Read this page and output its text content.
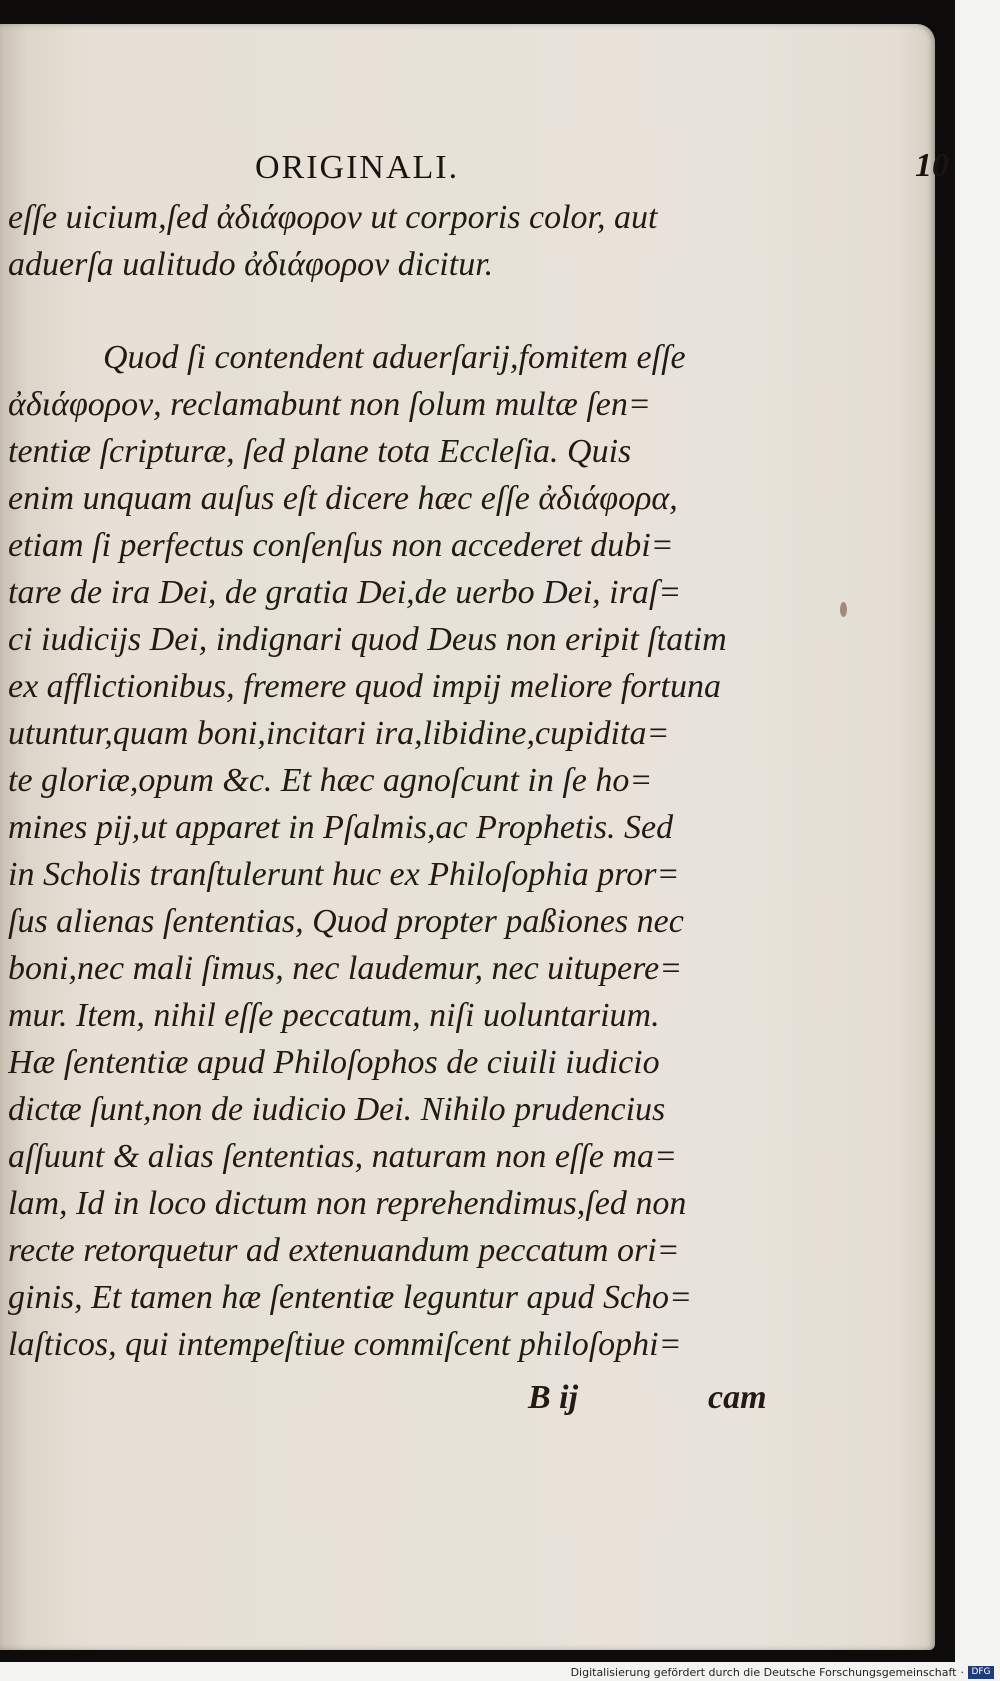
ORIGINALI.	10
eſſe uicium,ſed ἀδιάφορον ut corporis color, aut
aduerſa ualitudo ἀδιάφορον dicitur.
Quod ſi contendent aduerſarij,fomitem eſſe
ἀδιάφορον, reclamabunt non ſolum multæ ſen=
tentiæ ſcripturæ, ſed plane tota Eccleſia. Quis
enim unquam auſus eſt dicere hæc eſſe ἀδιάφορα,
etiam ſi perfectus conſenſus non accederet dubi=
tare de ira Dei, de gratia Dei,de uerbo Dei, iraſ=
ci iudicijs Dei, indignari quod Deus non eripit ſtatim
ex afflictionibus, fremere quod impij meliore fortuna
utuntur,quam boni,incitari ira,libidine,cupidita=
te gloriæ,opum &c. Et hæc agnoſcunt in ſe ho=
mines pij,ut apparet in Pſalmis,ac Prophetis. Sed
in Scholis tranſtulerunt huc ex Philoſophia pror=
ſus alienas ſententias, Quod propter paßiones nec
boni,nec mali ſimus, nec laudemur, nec uitupere=
mur. Item, nihil eſſe peccatum, niſi uoluntarium.
Hæ ſententiæ apud Philoſophos de ciuili iudicio
dictæ ſunt,non de iudicio Dei. Nihilo prudencius
aſſuunt & alias ſententias, naturam non eſſe ma=
lam, Id in loco dictum non reprehendimus,ſed non
recte retorquetur ad extenuandum peccatum ori=
ginis, Et tamen hæ ſententiæ leguntur apud Scho=
laſticos, qui intempeſtiue commiſcent philoſophi=
B ij	cam
Digitalisierung gefördert durch die Deutsche Forschungsgemeinschaft · DFG
